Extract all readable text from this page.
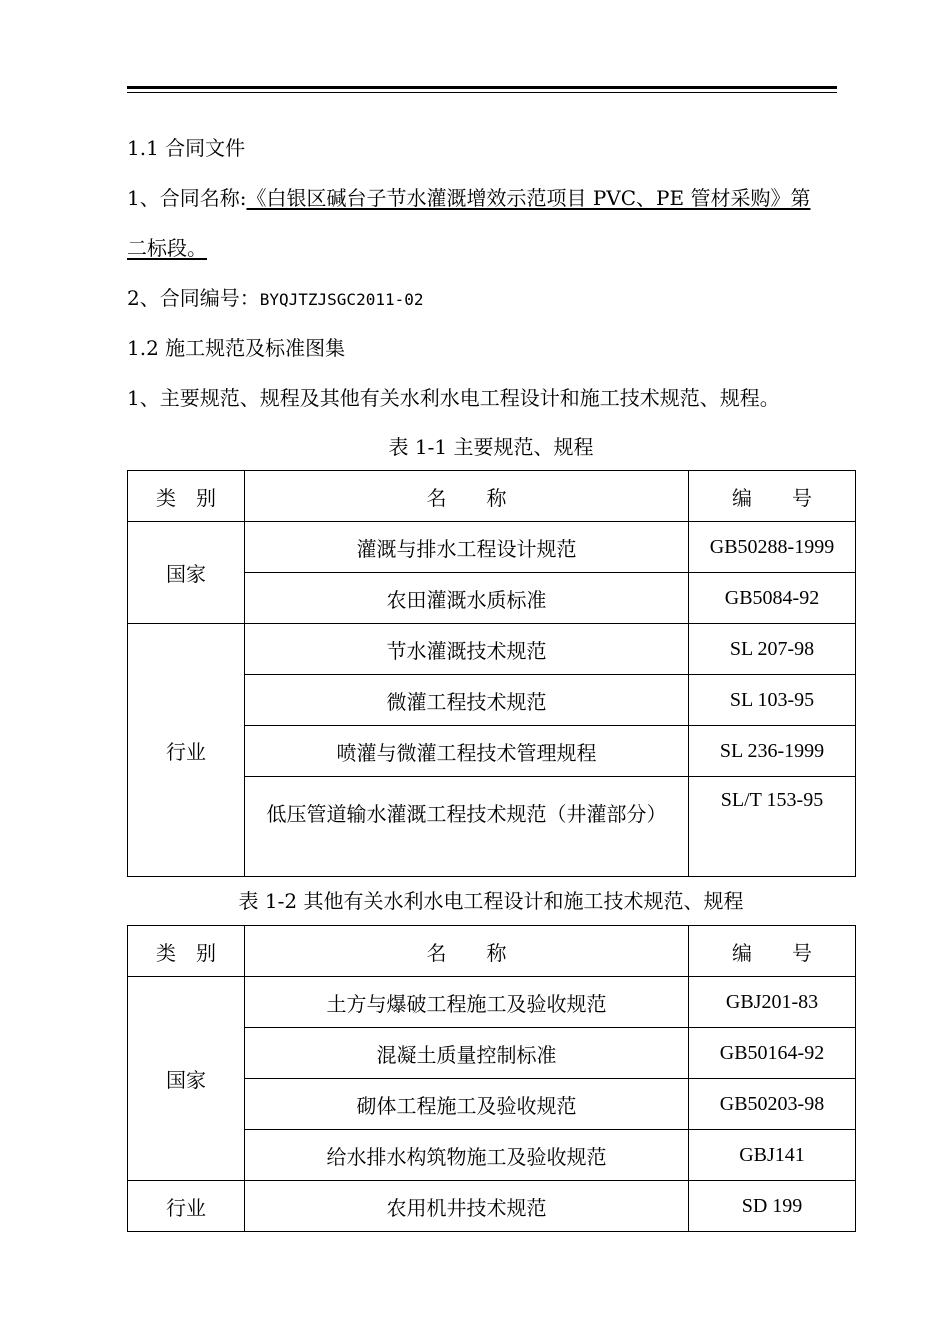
1.1 合同文件
1、合同名称:《白银区碱台子节水灌溉增效示范项目 PVC、PE 管材采购》第
二标段。
2、合同编号：BYQJTZJSGC2011-02
1.2 施工规范及标准图集
1、主要规范、规程及其他有关水利水电工程设计和施工技术规范、规程。
表 1-1 主要规范、规程
类　别	名　　称	编　　号
国家	灌溉与排水工程设计规范	GB50288-1999
	农田灌溉水质标准	GB5084-92
行业	节水灌溉技术规范	SL 207-98
	微灌工程技术规范	SL 103-95
	喷灌与微灌工程技术管理规程	SL 236-1999
	低压管道输水灌溉工程技术规范（井灌部分）	SL/T 153-95
表 1-2 其他有关水利水电工程设计和施工技术规范、规程
类　别	名　　称	编　　号
国家	土方与爆破工程施工及验收规范	GBJ201-83
	混凝土质量控制标准	GB50164-92
	砌体工程施工及验收规范	GB50203-98
	给水排水构筑物施工及验收规范	GBJ141
行业	农用机井技术规范	SD 199
